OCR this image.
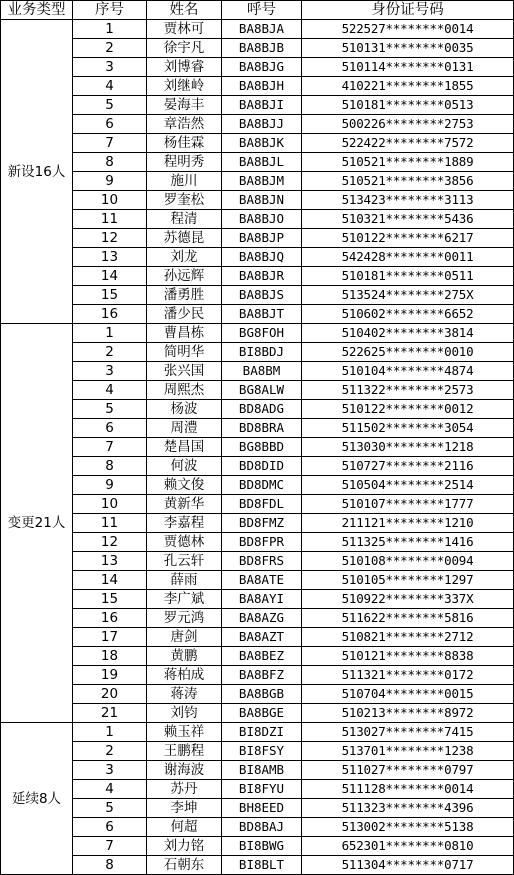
业务类型	序号	姓名	呼号	身份证号码
新设16人	1	贾林可	BA8BJA	522527********0014
	2	徐宇凡	BA8BJB	510131********0035
	3	刘博睿	BA8BJG	510114********0131
	4	刘继岭	BA8BJH	410221********1855
	5	晏海丰	BA8BJI	510181********0513
	6	章浩然	BA8BJJ	500226********2753
	7	杨佳霖	BA8BJK	522422********7572
	8	程明秀	BA8BJL	510521********1889
	9	施川	BA8BJM	510521********3856
	10	罗奎松	BA8BJN	513423********3113
	11	程清	BA8BJO	510321********5436
	12	苏德昆	BA8BJP	510122********6217
	13	刘龙	BA8BJQ	542428********0011
	14	孙远辉	BA8BJR	510181********0511
	15	潘勇胜	BA8BJS	513524********275X
	16	潘少民	BA8BJT	510602********6652
变更21人	1	曹昌栋	BG8FOH	510402********3814
	2	简明华	BI8BDJ	522625********0010
	3	张兴国	BA8BM	510104********4874
	4	周熙杰	BG8ALW	511322********2573
	5	杨波	BD8ADG	510122********0012
	6	周澧	BD8BRA	511502********3054
	7	楚昌国	BG8BBD	513030********1218
	8	何波	BD8DID	510727********2116
	9	赖文俊	BD8DMC	510504********2514
	10	黄新华	BD8FDL	510107********1777
	11	李嘉程	BD8FMZ	211121********1210
	12	贾德林	BD8FPR	511325********1416
	13	孔云轩	BD8FRS	510108********0094
	14	薛雨	BA8ATE	510105********1297
	15	李广斌	BA8AYI	510922********337X
	16	罗元鸿	BA8AZG	511622********5816
	17	唐剑	BA8AZT	510821********2712
	18	黄鹏	BA8BEZ	510121********8838
	19	蒋柏成	BA8BFZ	511321********0172
	20	蒋涛	BA8BGB	510704********0015
	21	刘钧	BA8BGE	510213********8972
延续8人	1	赖玉祥	BI8DZI	513027********7415
	2	王鹏程	BI8FSY	513701********1238
	3	谢海波	BI8AMB	511027********0797
	4	苏丹	BI8FYU	511128********0014
	5	李坤	BH8EED	511323********4396
	6	何超	BD8BAJ	513002********5138
	7	刘力铭	BI8BWG	652301********0810
	8	石朝东	BI8BLT	511304********0717
